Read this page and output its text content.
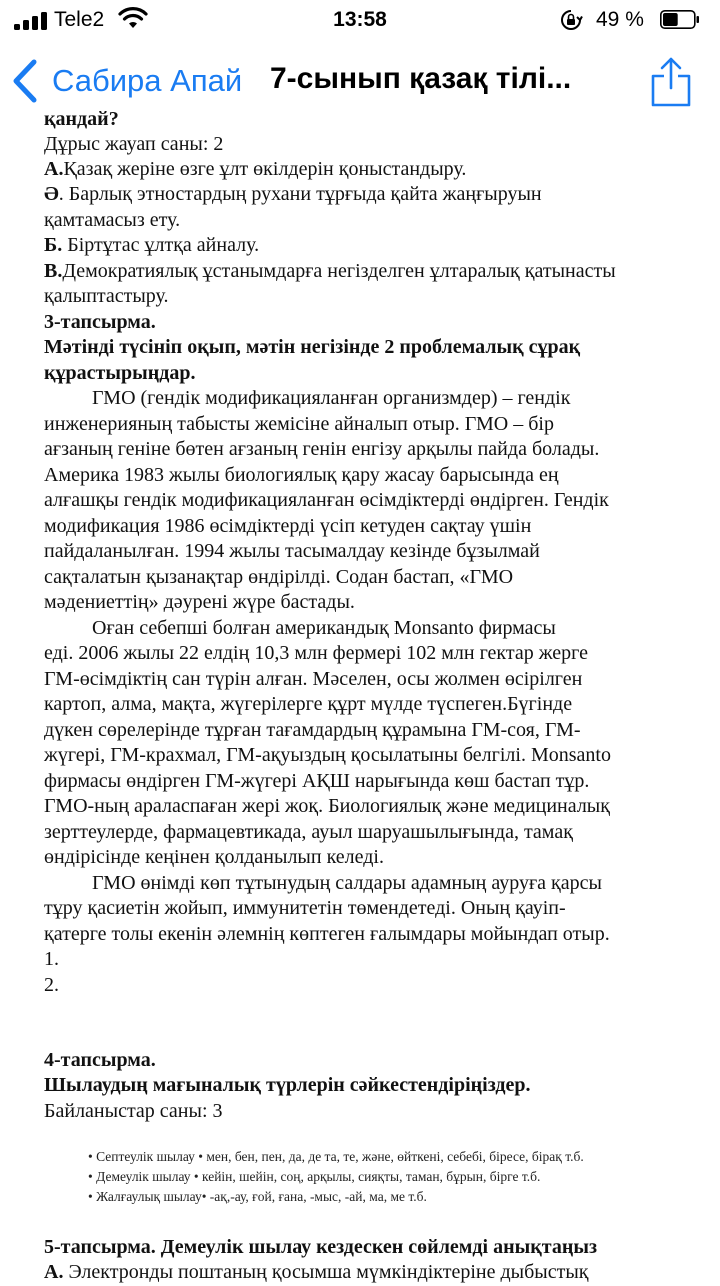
Tele2	13:58	49 %
Сабира Апай 7-сынып қазақ тілі...

қандай?

Дұрыс жауап саны: 2

А.Қазақ жеріне өзге ұлт өкілдерін қоныстандыру.

Ә. Барлық этностардың рухани тұрғыда қайта жаңғыруын

қамтамасыз ету.

Б. Біртұтас ұлтқа айналу.

В.Демократиялық ұстанымдарға негізделген ұлтаралық қатынасты

қалыптастыру.

3-тапсырма.

Мәтінді түсініп оқып, мәтін негізінде 2 проблемалық сұрақ

құрастырыңдар.

ГМО (гендік модификацияланған организмдер) – гендік

инженерияның табысты жемісіне айналып отыр. ГМО – бір

ағзаның геніне бөтен ағзаның генін енгізу арқылы пайда болады.

Америка 1983 жылы биологиялық қару жасау барысында ең

алғашқы гендік модификацияланған өсімдіктерді өндірген. Гендік

модификация 1986 өсімдіктерді үсіп кетуден сақтау үшін

пайдаланылған. 1994 жылы тасымалдау кезінде бұзылмай

сақталатын қызанақтар өндірілді. Содан бастап, «ГМО

мәдениеттің» дәурені жүре бастады.

Оған себепші болған американдық Monsanto фирмасы

еді. 2006 жылы 22 елдің 10,3 млн фермері 102 млн гектар жерге

ГМ-өсімдіктің сан түрін алған. Мәселен, осы жолмен өсірілген

картоп, алма, мақта, жүгерілерге құрт мүлде түспеген.Бүгінде

дүкен сөрелерінде тұрған тағамдардың құрамына ГМ-соя, ГМ-

жүгері, ГМ-крахмал, ГМ-ақуыздың қосылатыны белгілі. Monsanto

фирмасы өндірген ГМ-жүгері АҚШ нарығында көш бастап тұр.

ГМО-ның араласпаған жері жоқ. Биологиялық және медициналық

зерттеулерде, фармацевтикада, ауыл шаруашылығында, тамақ

өндірісінде кеңінен қолданылып келеді.

ГМО өнімді көп тұтынудың салдары адамның ауруға қарсы

тұру қасиетін жойып, иммунитетін төмендетеді. Оның қауіп-

қатерге толы екенін әлемнің көптеген ғалымдары мойындап отыр.

1.

2.

4-тапсырма.

Шылаудың мағыналық түрлерін сәйкестендіріңіздер.

Байланыстар саны: 3

• Септеулік шылау • мен, бен, пен, да, де та, те, және, өйткені, себебі, біресе, бірақ т.б.
• Демеулік шылау • кейін, шейін, соң, арқылы, сияқты, таман, бұрын, бірге т.б.
• Жалғаулық шылау• -ақ,-ау, ғой, ғана, -мыс, -ай, ма, ме т.б.

5-тапсырма. Демеулік шылау кездескен сөйлемді анықтаңыз

А. Электронды поштаның қосымша мүмкіндіктеріне дыбыстық
